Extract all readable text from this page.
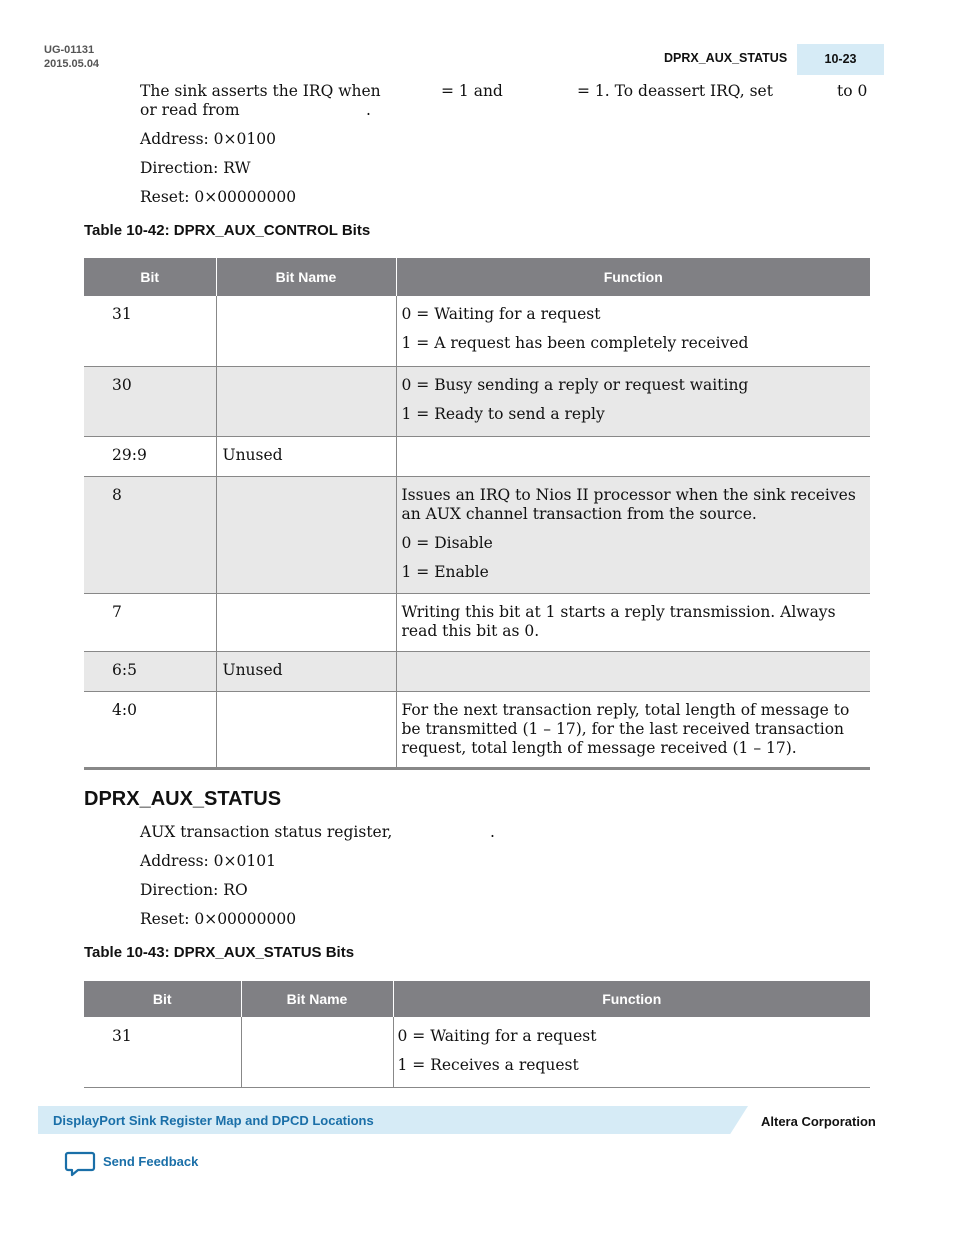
UG-01131
2015.05.04	DPRX_AUX_STATUS	10-23
The sink asserts the IRQ when	= 1 and	= 1. To deassert IRQ, set	to 0
or read from	.
Address: 0×0100
Direction: RW
Reset: 0×00000000
Table 10-42: DPRX_AUX_CONTROL Bits
Bit	Bit Name	Function
31		0 = Waiting for a request
1 = A request has been completely received

30		0 = Busy sending a reply or request waiting
1 = Ready to send a reply

29:9	Unused	
8		Issues an IRQ to Nios II processor when the sink receives an AUX channel transaction from the source.
0 = Disable
1 = Enable

7		Writing this bit at 1 starts a reply transmission. Always read this bit as 0.
6:5	Unused	
4:0		For the next transaction reply, total length of message to be transmitted (1 – 17), for the last received transaction request, total length of message received (1 – 17).
DPRX_AUX_STATUS
AUX transaction status register,	.
Address: 0×0101
Direction: RO
Reset: 0×00000000
Table 10-43: DPRX_AUX_STATUS Bits
Bit	Bit Name	Function
31		0 = Waiting for a request
1 = Receives a request
DisplayPort Sink Register Map and DPCD Locations	Altera Corporation
Send Feedback
